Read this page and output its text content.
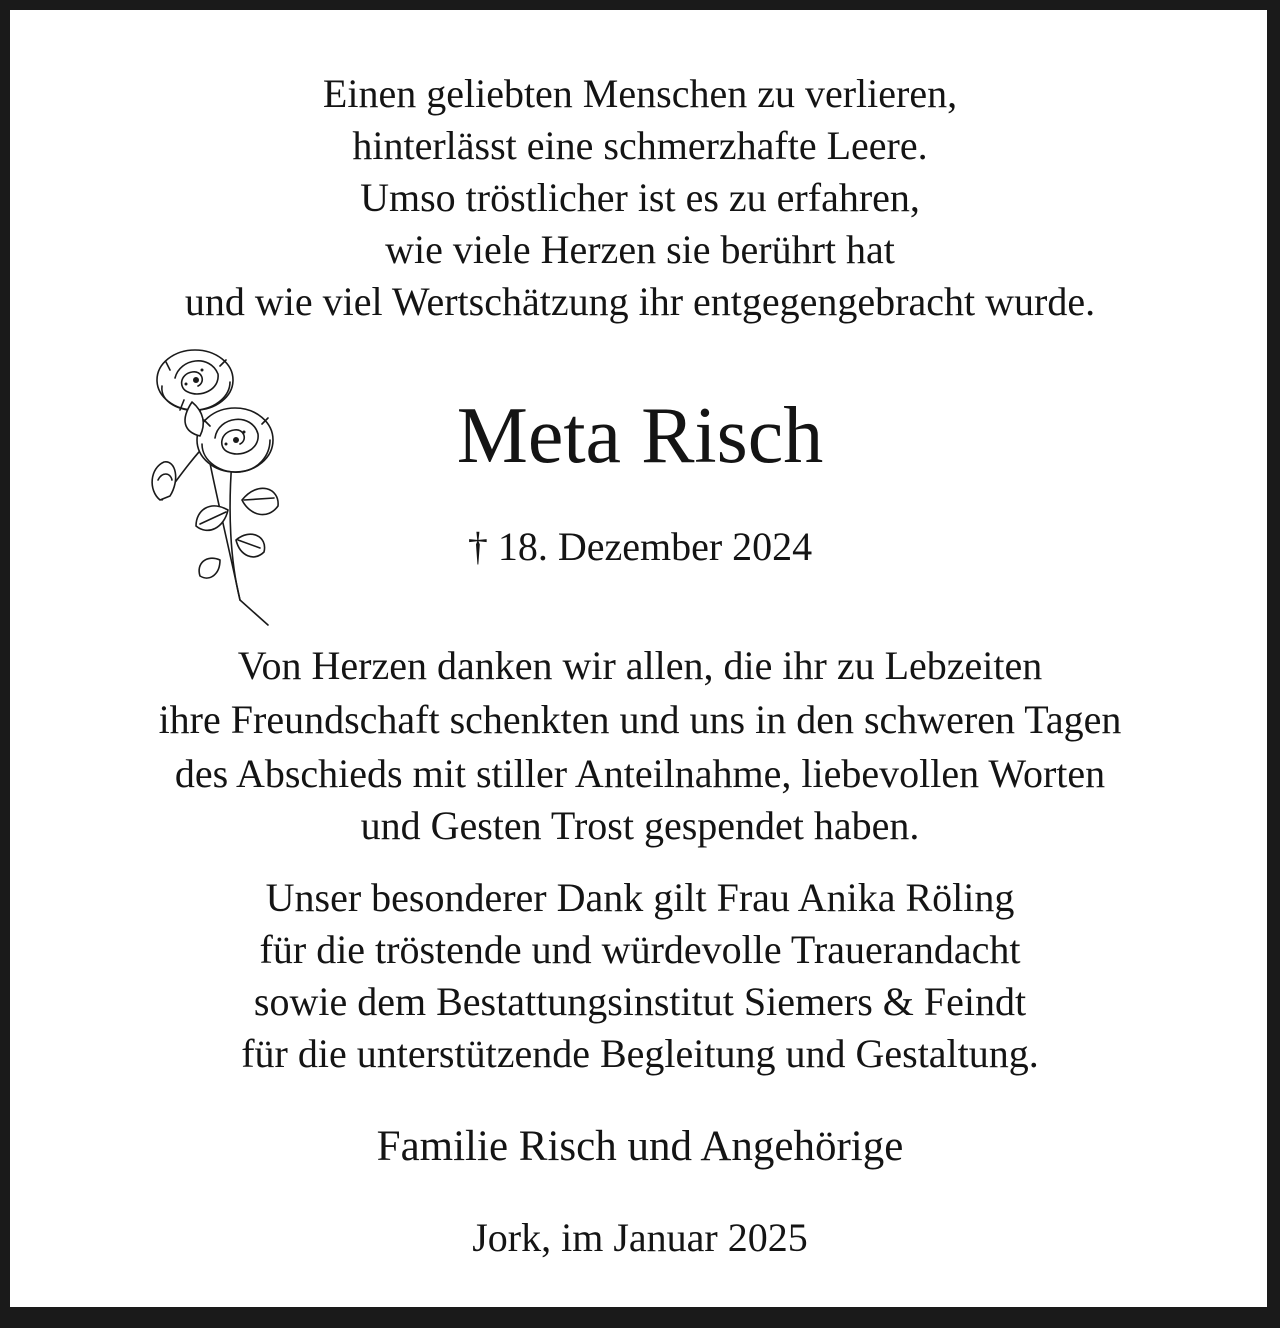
Einen geliebten Menschen zu verlieren,

hinterlässt eine schmerzhafte Leere.

Umso tröstlicher ist es zu erfahren,

wie viele Herzen sie berührt hat

und wie viel Wertschätzung ihr entgegengebracht wurde.

Meta Risch
† 18. Dezember 2024

Von Herzen danken wir allen, die ihr zu Lebzeiten

ihre Freundschaft schenkten und uns in den schweren Tagen

des Abschieds mit stiller Anteilnahme, liebevollen Worten

und Gesten Trost gespendet haben.

Unser besonderer Dank gilt Frau Anika Röling

für die tröstende und würdevolle Trauerandacht

sowie dem Bestattungsinstitut Siemers & Feindt

für die unterstützende Begleitung und Gestaltung.

Familie Risch und Angehörige

Jork, im Januar 2025
